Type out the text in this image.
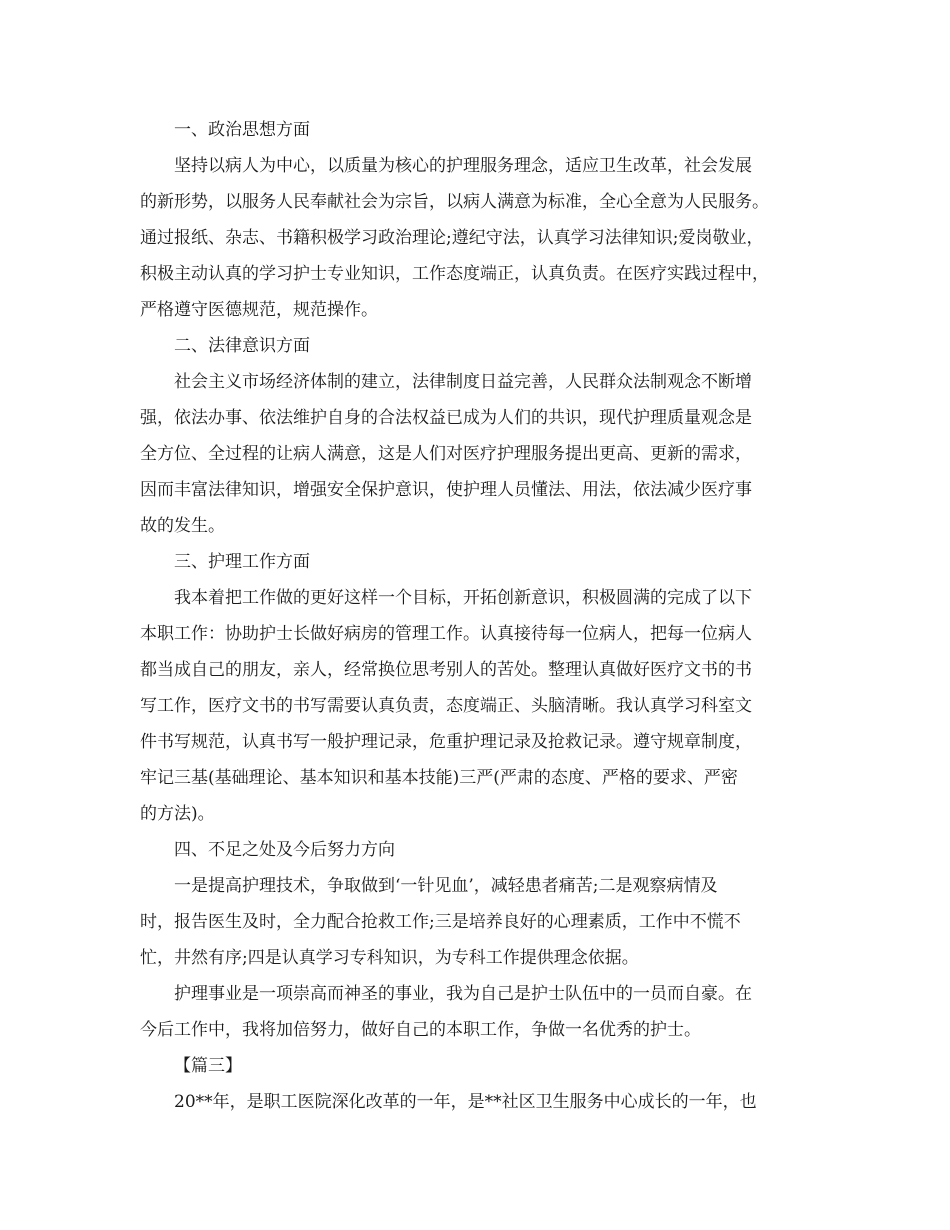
一、政治思想方面
坚持以病人为中心，以质量为核心的护理服务理念，适应卫生改革，社会发展
的新形势，以服务人民奉献社会为宗旨，以病人满意为标准，全心全意为人民服务。
通过报纸、杂志、书籍积极学习政治理论;遵纪守法，认真学习法律知识;爱岗敬业，
积极主动认真的学习护士专业知识，工作态度端正，认真负责。在医疗实践过程中，
严格遵守医德规范，规范操作。
二、法律意识方面
社会主义市场经济体制的建立，法律制度日益完善，人民群众法制观念不断增
强，依法办事、依法维护自身的合法权益已成为人们的共识，现代护理质量观念是
全方位、全过程的让病人满意，这是人们对医疗护理服务提出更高、更新的需求，
因而丰富法律知识，增强安全保护意识，使护理人员懂法、用法，依法减少医疗事
故的发生。
三、护理工作方面
我本着把工作做的更好这样一个目标，开拓创新意识，积极圆满的完成了以下
本职工作：协助护士长做好病房的管理工作。认真接待每一位病人，把每一位病人
都当成自己的朋友，亲人，经常换位思考别人的苦处。整理认真做好医疗文书的书
写工作，医疗文书的书写需要认真负责，态度端正、头脑清晰。我认真学习科室文
件书写规范，认真书写一般护理记录，危重护理记录及抢救记录。遵守规章制度，
牢记三基(基础理论、基本知识和基本技能)三严(严肃的态度、严格的要求、严密
的方法)。
四、不足之处及今后努力方向
一是提高护理技术，争取做到‘一针见血’，减轻患者痛苦;二是观察病情及
时，报告医生及时，全力配合抢救工作;三是培养良好的心理素质，工作中不慌不
忙，井然有序;四是认真学习专科知识，为专科工作提供理念依据。
护理事业是一项崇高而神圣的事业，我为自己是护士队伍中的一员而自豪。在
今后工作中，我将加倍努力，做好自己的本职工作，争做一名优秀的护士。
【篇三】
20**年，是职工医院深化改革的一年，是**社区卫生服务中心成长的一年，也
